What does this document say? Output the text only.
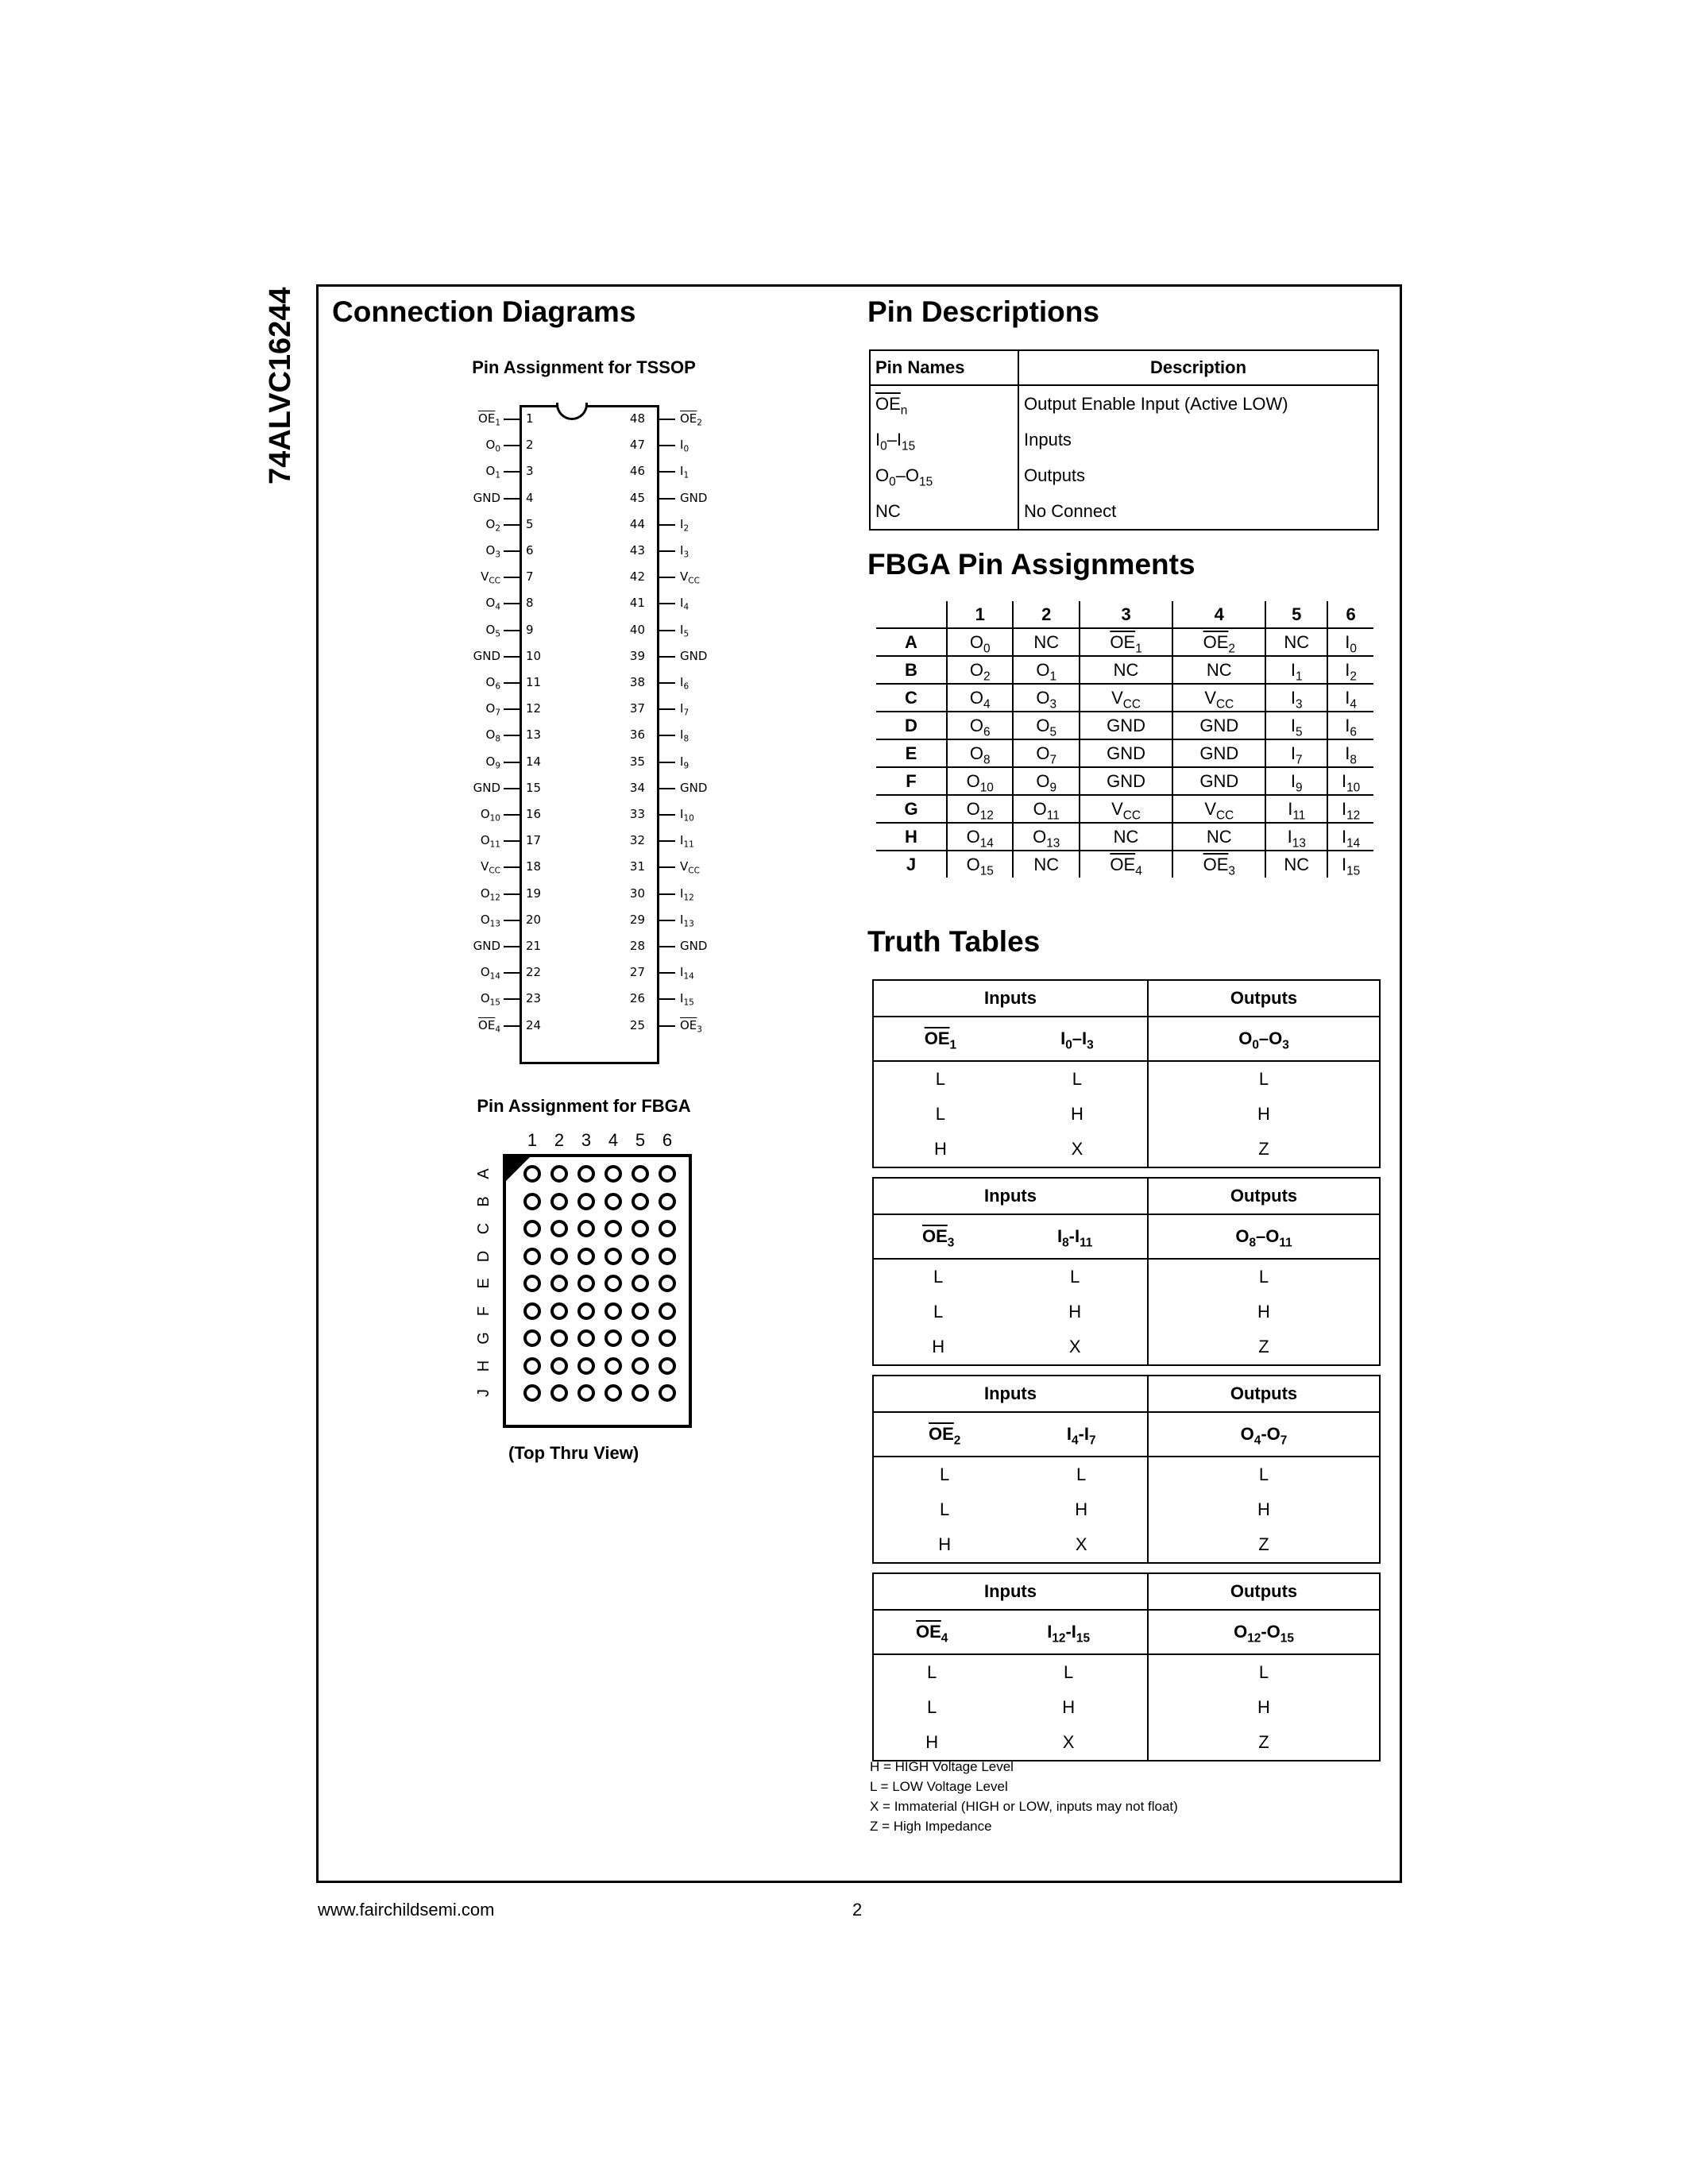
74ALVC16244 Connection Diagrams
Pin Assignment for TSSOP
$\overline{OE}_1$ 1	48	$\overline{OE}_2$
$O_0$ 2	47	$I_0$
$O_1$ 3	46	$I_1$
GND 4	45	GND
$O_2$ 5	44	$I_2$
$O_3$ 6	43	$I_3$
$V_{CC}$ 7	42	$V_{CC}$
$O_4$ 8	41	$I_4$
$O_5$ 9	40	$I_5$
GND 10	39	GND
$O_6$ 11	38	$I_6$
$O_7$ 12	37	$I_7$
$O_8$ 13	36	$I_8$
$O_9$ 14	35	$I_9$
GND 15	34	GND
$O_{10}$ 16	33	$I_{10}$
$O_{11}$ 17	32	$I_{11}$
$V_{CC}$ 18	31	$V_{CC}$
$O_{12}$ 19	30	$I_{12}$
$O_{13}$ 20	29	$I_{13}$
GND 21	28	GND
$O_{14}$ 22	27	$I_{14}$
$O_{15}$ 23	26	$I_{15}$
$\overline{OE}_4$ 24	25	$\overline{OE}_3$
Pin Assignment for FBGA
1 2 3 4 5 6
A
B
C
D
E
F
G
H
J
(Top Thru View)
Pin Descriptions
Pin Names	Description
$\overline{OE}_n$	Output Enable Input (Active LOW)
$I_0-I_{15}$	Inputs
$O_0-O_{15}$	Outputs
NC	No Connect
FBGA Pin Assignments
	1	2	3	4	5	6
A	$O_0$	NC	$\overline{OE}_1$	$\overline{OE}_2$	NC	$I_0$
B	$O_2$	$O_1$	NC	NC	$I_1$	$I_2$
C	$O_4$	$O_3$	$V_{CC}$	$V_{CC}$	$I_3$	$I_4$
D	$O_6$	$O_5$	GND	GND	$I_5$	$I_6$
E	$O_8$	$O_7$	GND	GND	$I_7$	$I_8$
F	$O_{10}$	$O_9$	GND	GND	$I_9$	$I_{10}$
G	$O_{12}$	$O_{11}$	$V_{CC}$	$V_{CC}$	$I_{11}$	$I_{12}$
H	$O_{14}$	$O_{13}$	NC	NC	$I_{13}$	$I_{14}$
J	$O_{15}$	NC	$\overline{OE}_4$	$\overline{OE}_3$	NC	$I_{15}$
Truth Tables
Inputs		Outputs
$\overline{OE}_1$	$I_0-I_3$	$O_0-O_3$
L	L	L
L	H	H
H	X	Z
Inputs		Outputs
$\overline{OE}_3$	$I_8-I_{11}$	$O_8-O_{11}$
L	L	L
L	H	H
H	X	Z
Inputs		Outputs
$\overline{OE}_2$	$I_4-I_7$	$O_4-O_7$
L	L	L
L	H	H
H	X	Z
Inputs		Outputs
$\overline{OE}_4$	$I_{12}-I_{15}$	$O_{12}-O_{15}$
L	L	L
L	H	H
H	X	Z
H = HIGH Voltage Level
L = LOW Voltage Level
X = Immaterial (HIGH or LOW, inputs may not float)
Z = High Impedance
www.fairchildsemi.com	2
